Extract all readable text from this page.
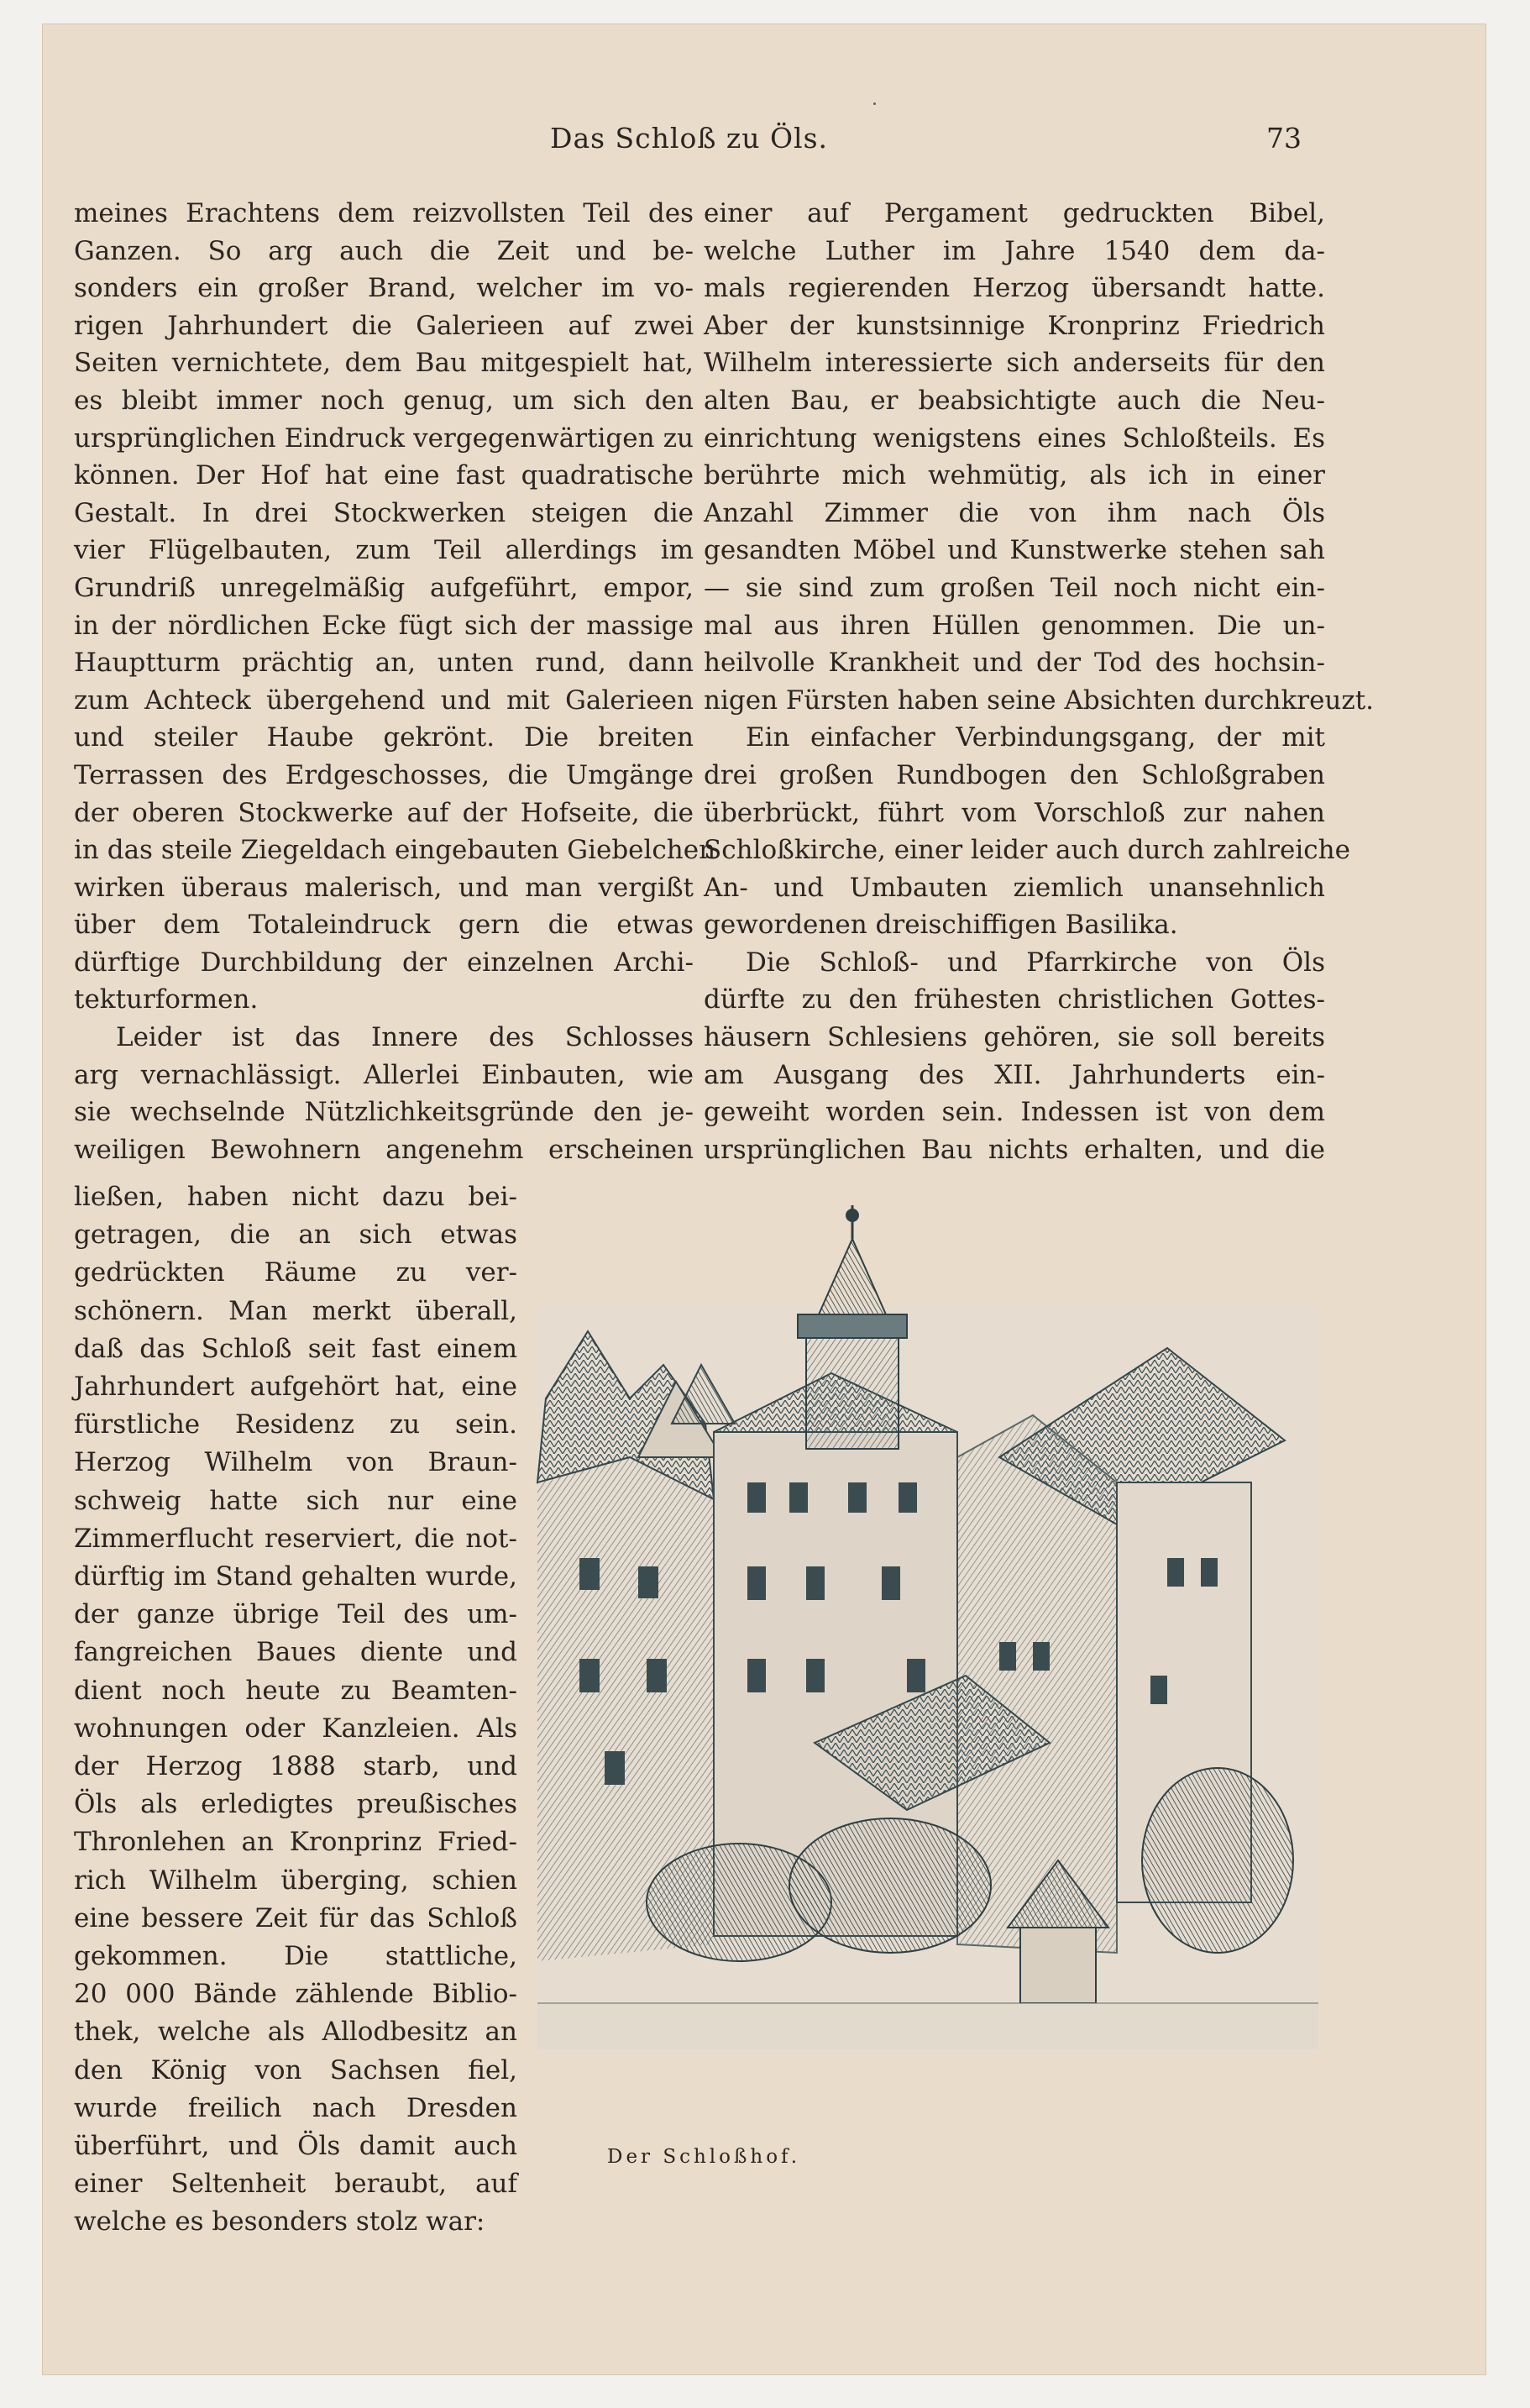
Das Schloß zu Öls.	73
meines Erachtens dem reizvollsten Teil des
Ganzen. So arg auch die Zeit und be-
sonders ein großer Brand, welcher im vo-
rigen Jahrhundert die Galerieen auf zwei
Seiten vernichtete, dem Bau mitgespielt hat,
es bleibt immer noch genug, um sich den
ursprünglichen Eindruck vergegenwärtigen zu
können. Der Hof hat eine fast quadratische
Gestalt. In drei Stockwerken steigen die
vier Flügelbauten, zum Teil allerdings im
Grundriß unregelmäßig aufgeführt, empor,
in der nördlichen Ecke fügt sich der massige
Hauptturm prächtig an, unten rund, dann
zum Achteck übergehend und mit Galerieen
und steiler Haube gekrönt. Die breiten
Terrassen des Erdgeschosses, die Umgänge
der oberen Stockwerke auf der Hofseite, die
in das steile Ziegeldach eingebauten Giebelchen
wirken überaus malerisch, und man vergißt
über dem Totaleindruck gern die etwas
dürftige Durchbildung der einzelnen Archi-
tekturformen.
Leider ist das Innere des Schlosses
arg vernachlässigt. Allerlei Einbauten, wie
sie wechselnde Nützlichkeitsgründe den je-
weiligen Bewohnern angenehm erscheinen
ließen, haben nicht dazu bei-
getragen, die an sich etwas
gedrückten Räume zu ver-
schönern. Man merkt überall,
daß das Schloß seit fast einem
Jahrhundert aufgehört hat, eine
fürstliche Residenz zu sein.
Herzog Wilhelm von Braun-
schweig hatte sich nur eine
Zimmerflucht reserviert, die not-
dürftig im Stand gehalten wurde,
der ganze übrige Teil des um-
fangreichen Baues diente und
dient noch heute zu Beamten-
wohnungen oder Kanzleien. Als
der Herzog 1888 starb, und
Öls als erledigtes preußisches
Thronlehen an Kronprinz Fried-
rich Wilhelm überging, schien
eine bessere Zeit für das Schloß
gekommen. Die stattliche,
20 000 Bände zählende Biblio-
thek, welche als Allodbesitz an
den König von Sachsen fiel,
wurde freilich nach Dresden
überführt, und Öls damit auch
einer Seltenheit beraubt, auf
welche es besonders stolz war:
einer auf Pergament gedruckten Bibel,
welche Luther im Jahre 1540 dem da-
mals regierenden Herzog übersandt hatte.
Aber der kunstsinnige Kronprinz Friedrich
Wilhelm interessierte sich anderseits für den
alten Bau, er beabsichtigte auch die Neu-
einrichtung wenigstens eines Schloßteils. Es
berührte mich wehmütig, als ich in einer
Anzahl Zimmer die von ihm nach Öls
gesandten Möbel und Kunstwerke stehen sah
— sie sind zum großen Teil noch nicht ein-
mal aus ihren Hüllen genommen. Die un-
heilvolle Krankheit und der Tod des hochsin-
nigen Fürsten haben seine Absichten durchkreuzt.
Ein einfacher Verbindungsgang, der mit
drei großen Rundbogen den Schloßgraben
überbrückt, führt vom Vorschloß zur nahen
Schloßkirche, einer leider auch durch zahlreiche
An- und Umbauten ziemlich unansehnlich
gewordenen dreischiffigen Basilika.
Die Schloß- und Pfarrkirche von Öls
dürfte zu den frühesten christlichen Gottes-
häusern Schlesiens gehören, sie soll bereits
am Ausgang des XII. Jahrhunderts ein-
geweiht worden sein. Indessen ist von dem
ursprünglichen Bau nichts erhalten, und die
Der Schloßhof.
